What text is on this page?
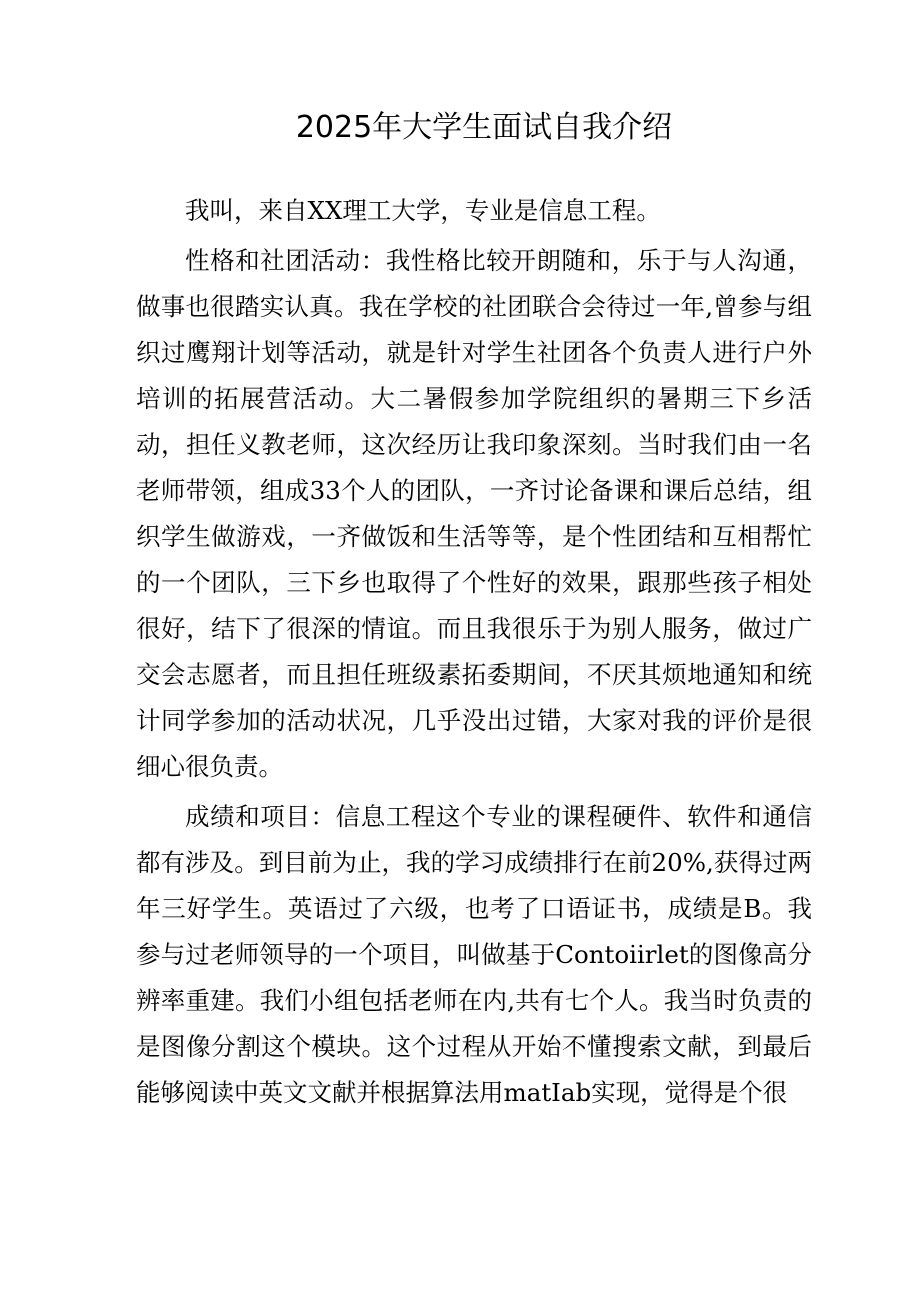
2025年大学生面试自我介绍

我叫，来自XX理工大学，专业是信息工程。

性格和社团活动：我性格比较开朗随和，乐于与人沟通，做事也很踏实认真。我在学校的社团联合会待过一年,曾参与组织过鹰翔计划等活动，就是针对学生社团各个负责人进行户外培训的拓展营活动。大二暑假参加学院组织的暑期三下乡活动，担任义教老师，这次经历让我印象深刻。当时我们由一名老师带领，组成33个人的团队，一齐讨论备课和课后总结，组织学生做游戏，一齐做饭和生活等等，是个性团结和互相帮忙的一个团队，三下乡也取得了个性好的效果，跟那些孩子相处很好，结下了很深的情谊。而且我很乐于为别人服务，做过广交会志愿者，而且担任班级素拓委期间，不厌其烦地通知和统计同学参加的活动状况，几乎没出过错，大家对我的评价是很细心很负责。

成绩和项目：信息工程这个专业的课程硬件、软件和通信都有涉及。到目前为止，我的学习成绩排行在前20%,获得过两年三好学生。英语过了六级，也考了口语证书，成绩是B。我参与过老师领导的一个项目，叫做基于Contoiirlet的图像高分辨率重建。我们小组包括老师在内,共有七个人。我当时负责的是图像分割这个模块。这个过程从开始不懂搜索文献，到最后能够阅读中英文文献并根据算法用matIab实现，觉得是个很
